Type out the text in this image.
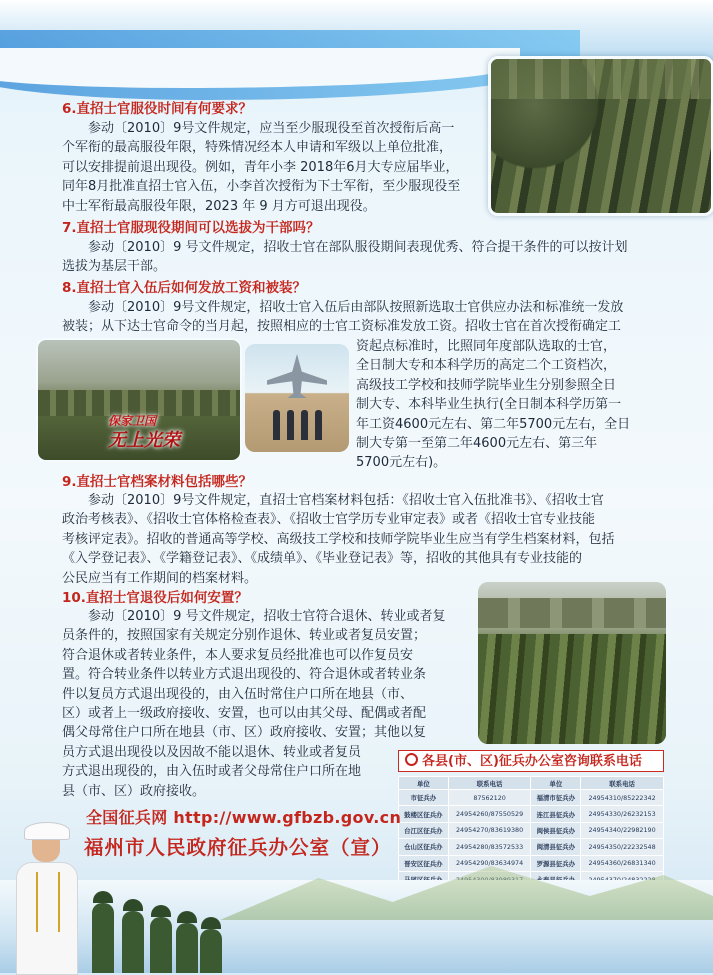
保家卫国
无上光荣
6.直招士官服役时间有何要求？
参动〔2010〕9号文件规定，应当至少服现役至首次授衔后高一
个军衔的最高服役年限，特殊情况经本人申请和军级以上单位批准，
可以安排提前退出现役。例如，青年小李 2018年6月大专应届毕业，
同年8月批准直招士官入伍，小李首次授衔为下士军衔，至少服现役至
中士军衔最高服役年限，2023 年 9 月方可退出现役。
7.直招士官服现役期间可以选拔为干部吗？
参动〔2010〕9 号文件规定，招收士官在部队服役期间表现优秀、符合提干条件的可以按计划
选拔为基层干部。
8.直招士官入伍后如何发放工资和被装？
参动〔2010〕9号文件规定，招收士官入伍后由部队按照新选取士官供应办法和标准统一发放
被装；从下达士官命令的当月起，按照相应的士官工资标准发放工资。招收士官在首次授衔确定工
资起点标准时，比照同年度部队选取的士官，
全日制大专和本科学历的高定二个工资档次，
高级技工学校和技师学院毕业生分别参照全日
制大专、本科毕业生执行(全日制本科学历第一
年工资4600元左右、第二年5700元左右，全日
制大专第一至第二年4600元左右、第三年
5700元左右)。
9.直招士官档案材料包括哪些？
参动〔2010〕9号文件规定，直招士官档案材料包括：《招收士官入伍批准书》、《招收士官
政治考核表》、《招收士官体格检查表》、《招收士官学历专业审定表》或者《招收士官专业技能
考核评定表》。招收的普通高等学校、高级技工学校和技师学院毕业生应当有学生档案材料，包括
《入学登记表》、《学籍登记表》、《成绩单》、《毕业登记表》等，招收的其他具有专业技能的
公民应当有工作期间的档案材料。
10.直招士官退役后如何安置？
参动〔2010〕9 号文件规定，招收士官符合退休、转业或者复
员条件的，按照国家有关规定分别作退休、转业或者复员安置；
符合退休或者转业条件，本人要求复员经批准也可以作复员安
置。符合转业条件以转业方式退出现役的、符合退休或者转业条
件以复员方式退出现役的，由入伍时常住户口所在地县（市、
区）或者上一级政府接收、安置，也可以由其父母、配偶或者配
偶父母常住户口所在地县（市、区）政府接收、安置；其他以复
员方式退出现役以及因故不能以退休、转业或者复员
方式退出现役的，由入伍时或者父母常住户口所在地
县（市、区）政府接收。
各县(市、区)征兵办公室咨询联系电话
单位	联系电话	单位	联系电话
市征兵办	87562120	福清市征兵办	24954310/85222342
鼓楼区征兵办	24954260/87550529	连江县征兵办	24954330/26232153
台江区征兵办	24954270/83619380	闽侯县征兵办	24954340/22982190
仓山区征兵办	24954280/83572533	闽清县征兵办	24954350/22232548
晋安区征兵办	24954290/83634974	罗源县征兵办	24954360/26831340

全国征兵网 http://www.gfbzb.gov.cn
福州市人民政府征兵办公室（宣）
